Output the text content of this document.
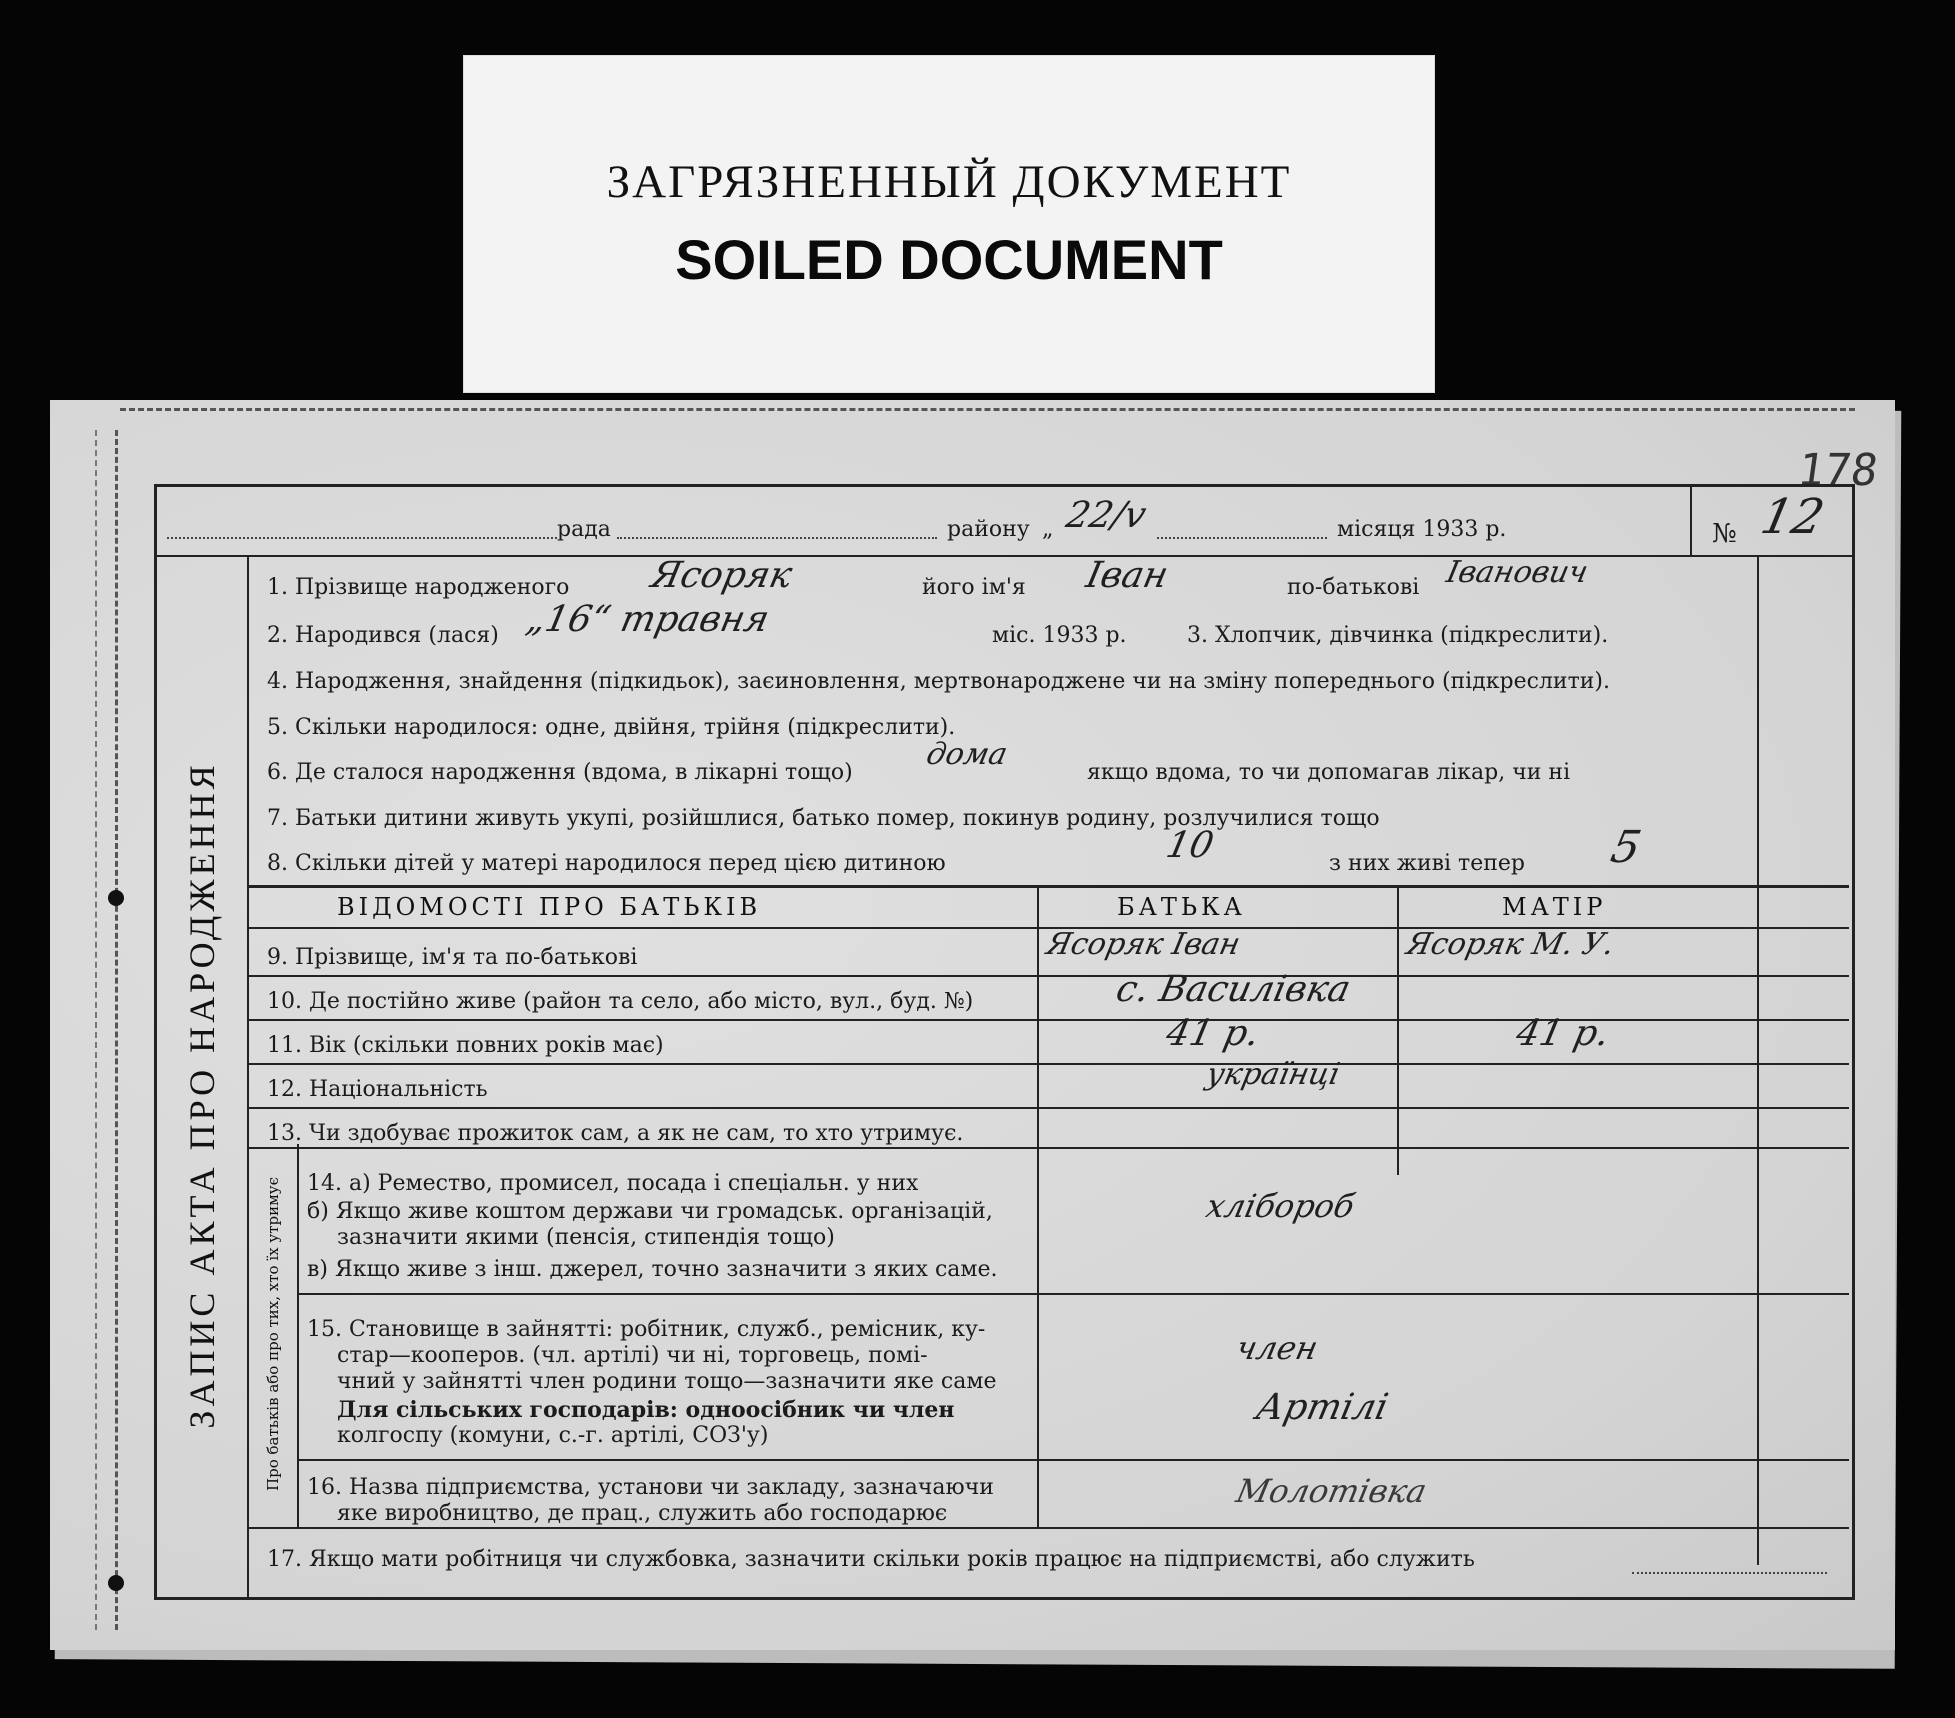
ЗАГРЯЗНЕННЫЙ ДОКУМЕНТ
SOILED DOCUMENT
178
рада	району „ 22/v	місяця 1933 р.	№ 12
ЗАПИС АКТА ПРО НАРОДЖЕННЯ	Про батьків або про тих, хто їх утримує
1. Прізвище народженого Ясоряк	його ім'я Іван	по-батькові Іванович
2. Народився (лася) „16“ травня	міс. 1933 р.	3. Хлопчик, дівчинка (підкреслити).
4. Народження, знайдення (підкидьок), заєиновлення, мертвонароджене чи на зміну попереднього (підкреслити).
5. Скільки народилося: одне, двійня, трійня (підкреслити).
6. Де сталося народження (вдома, в лікарні тощо)
дома
якщо вдома, то чи допомагав лікар, чи ні
7. Батьки дитини живуть укупі, розійшлися, батько помер, покинув родину, розлучилися тощо
8. Скільки дітей у матері народилося перед цією дитиною	10	з них живі тепер 5
ВІДОМОСТІ ПРО БАТЬКІВ	БАТЬКА	МАТІР
9. Прізвище, ім'я та по-батькові	Ясоряк Іван	Ясоряк М. У.
10. Де постійно живе (район та село, або місто, вул., буд. №)	с. Василівка
11. Вік (скільки повних років має)	41 р.	41 р.
12. Національність	українці
13. Чи здобуває прожиток сам, а як не сам, то хто утримує.
14. а) Ремество, промисел, посада і спеціальн. у них
б) Якщо живе коштом держави чи громадськ. організацій,
зазначити якими (пенсія, стипендія тощо)
в) Якщо живе з інш. джерел, точно зазначити з яких саме.
хлібороб
15. Становище в зайнятті: робітник, служб., ремісник, ку-
стар—кооперов. (чл. артілі) чи ні, торговець, помі-
чний у зайнятті член родини тощо—зазначити яке саме
Для сільських господарів: одноосібник чи член
колгоспу (комуни, с.-г. артілі, СОЗ'у)
член
Артілі
16. Назва підприємства, установи чи закладу, зазначаючи
яке виробництво, де прац., служить або господарює
Молотівка
17. Якщо мати робітниця чи службовка, зазначити скільки років працює на підприємстві, або служить
